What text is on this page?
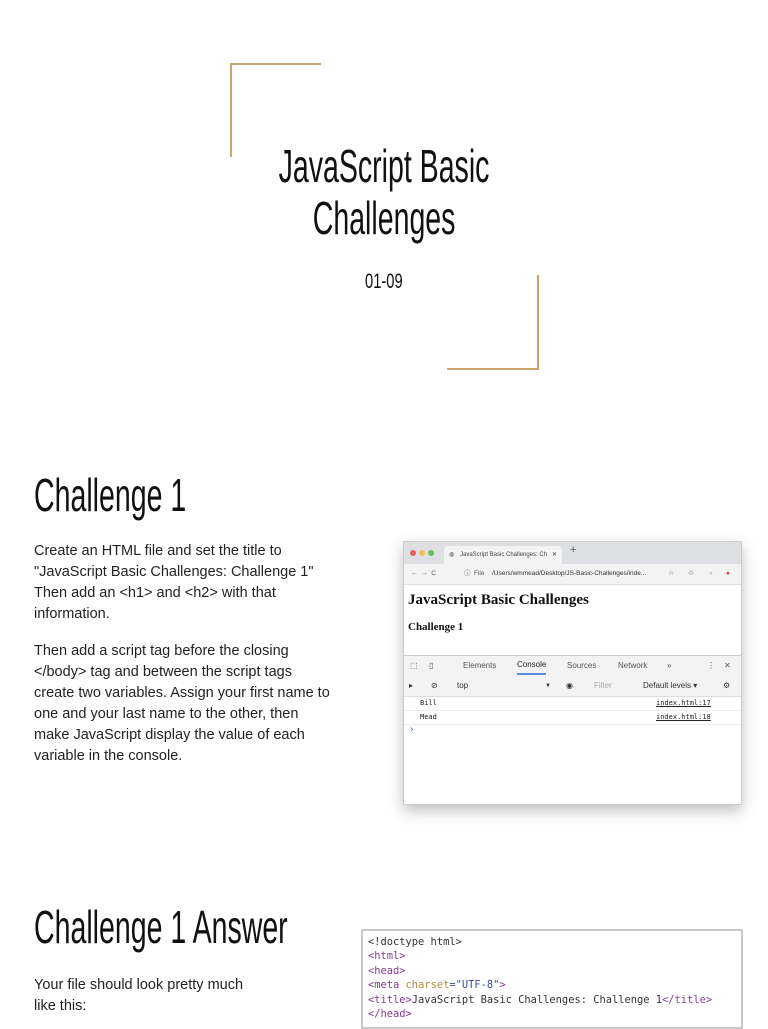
JavaScript Basic
Challenges
01-09
Challenge 1

Create an HTML file and set the title to
"JavaScript Basic Challenges: Challenge 1"
Then add an <h1> and <h2> with that
information.

Then add a script tag before the closing
</body> tag and between the script tags
create two variables. Assign your first name to
one and your last name to the other, then
make JavaScript display the value of each
variable in the console.

◍ JavaScript Basic Challenges: Ch ✕ +
←  →  C	ⓘ File /Users/wmmead/Desktop/JS-Basic-Challenges/inde...	☆ ♲ ● ●
JavaScript Basic Challenges
Challenge 1
⬚ ▯	Elements	Console	Sources	Network »	⋮ ✕
▸ ⊘ top	▼ ◉	Filter	Default levels ▾	⚙
Bill	index.html:17
Mead	index.html:18
›
Challenge 1 Answer

Your file should look pretty much
like this:

<!doctype html>
<html>
<head>
<meta charset="UTF-8">
<title>JavaScript Basic Challenges: Challenge 1</title>
</head>
